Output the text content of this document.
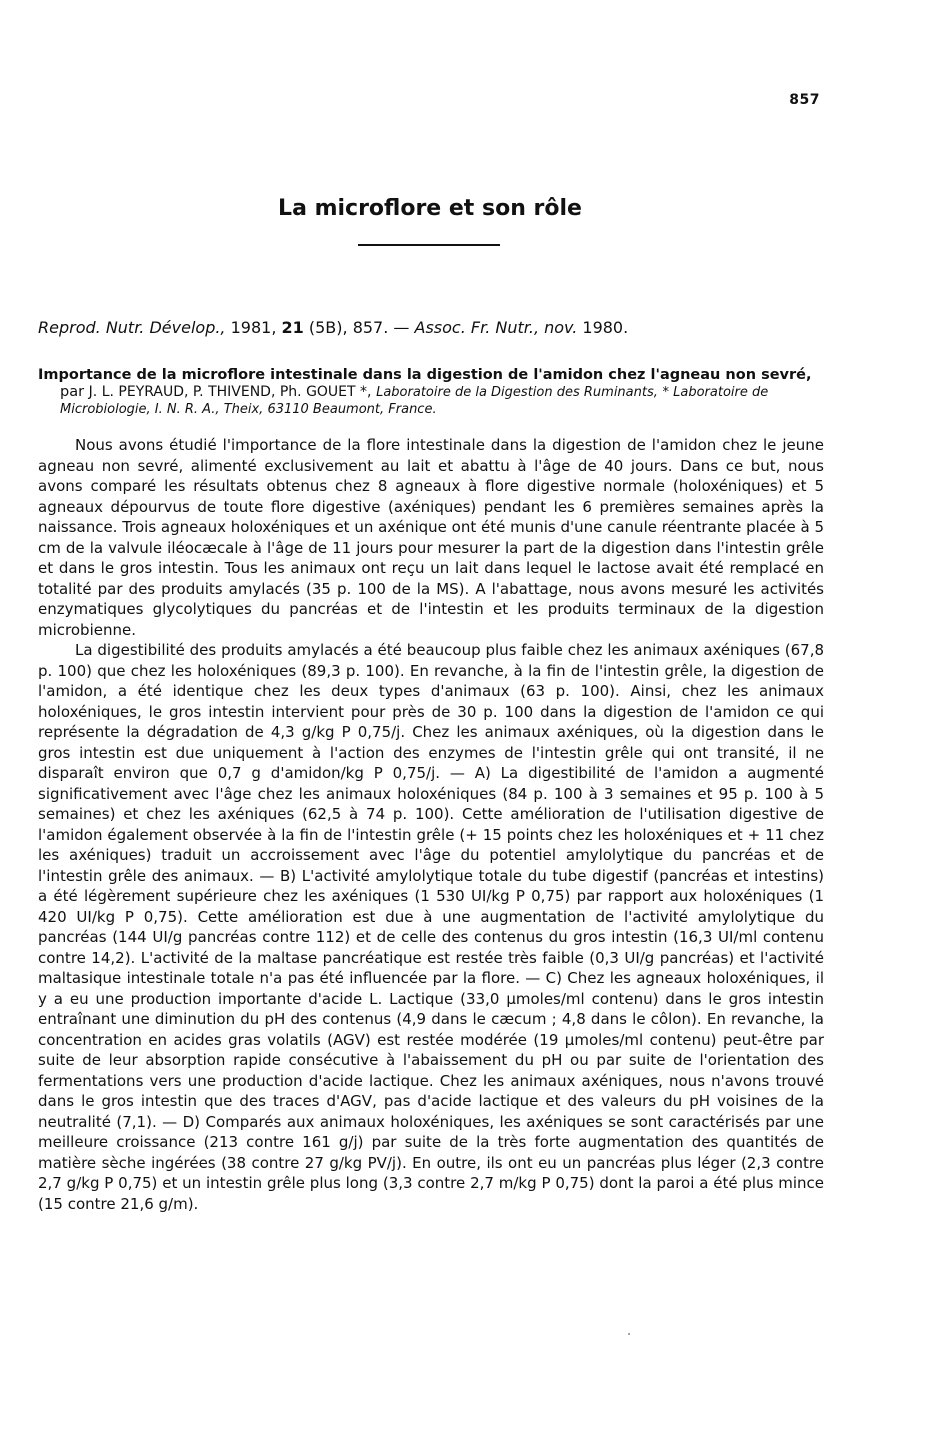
857
La microflore et son rôle
Reprod. Nutr. Dévelop., 1981, 21 (5B), 857. — Assoc. Fr. Nutr., nov. 1980.
Importance de la microflore intestinale dans la digestion de l'amidon chez l'agneau non sevré, par J. L. PEYRAUD, P. THIVEND, Ph. GOUET *, Laboratoire de la Digestion des Ruminants, * Laboratoire de Microbiologie, I. N. R. A., Theix, 63110 Beaumont, France.

Nous avons étudié l'importance de la flore intestinale dans la digestion de l'amidon chez le jeune agneau non sevré, alimenté exclusivement au lait et abattu à l'âge de 40 jours. Dans ce but, nous avons comparé les résultats obtenus chez 8 agneaux à flore digestive normale (holoxéniques) et 5 agneaux dépourvus de toute flore digestive (axéniques) pendant les 6 premières semaines après la naissance. Trois agneaux holoxéniques et un axénique ont été munis d'une canule réentrante placée à 5 cm de la valvule iléocæcale à l'âge de 11 jours pour mesurer la part de la digestion dans l'intestin grêle et dans le gros intestin. Tous les animaux ont reçu un lait dans lequel le lactose avait été remplacé en totalité par des produits amylacés (35 p. 100 de la MS). A l'abattage, nous avons mesuré les activités enzymatiques glycolytiques du pancréas et de l'intestin et les produits terminaux de la digestion microbienne.

La digestibilité des produits amylacés a été beaucoup plus faible chez les animaux axéniques (67,8 p. 100) que chez les holoxéniques (89,3 p. 100). En revanche, à la fin de l'intestin grêle, la digestion de l'amidon, a été identique chez les deux types d'animaux (63 p. 100). Ainsi, chez les animaux holoxéniques, le gros intestin intervient pour près de 30 p. 100 dans la digestion de l'amidon ce qui représente la dégradation de 4,3 g/kg P 0,75/j. Chez les animaux axéniques, où la digestion dans le gros intestin est due uniquement à l'action des enzymes de l'intestin grêle qui ont transité, il ne disparaît environ que 0,7 g d'amidon/kg P 0,75/j. — A) La digestibilité de l'amidon a augmenté significativement avec l'âge chez les animaux holoxéniques (84 p. 100 à 3 semaines et 95 p. 100 à 5 semaines) et chez les axéniques (62,5 à 74 p. 100). Cette amélioration de l'utilisation digestive de l'amidon également observée à la fin de l'intestin grêle (+ 15 points chez les holoxéniques et + 11 chez les axéniques) traduit un accroissement avec l'âge du potentiel amylolytique du pancréas et de l'intestin grêle des animaux. — B) L'activité amylolytique totale du tube digestif (pancréas et intestins) a été légèrement supérieure chez les axéniques (1 530 UI/kg P 0,75) par rapport aux holoxéniques (1 420 UI/kg P 0,75). Cette amélioration est due à une augmentation de l'activité amylolytique du pancréas (144 UI/g pancréas contre 112) et de celle des contenus du gros intestin (16,3 UI/ml contenu contre 14,2). L'activité de la maltase pancréatique est restée très faible (0,3 UI/g pancréas) et l'activité maltasique intestinale totale n'a pas été influencée par la flore. — C) Chez les agneaux holoxéniques, il y a eu une production importante d'acide L. Lactique (33,0 μmoles/ml contenu) dans le gros intestin entraînant une diminution du pH des contenus (4,9 dans le cæcum ; 4,8 dans le côlon). En revanche, la concentration en acides gras volatils (AGV) est restée modérée (19 μmoles/ml contenu) peut-être par suite de leur absorption rapide consécutive à l'abaissement du pH ou par suite de l'orientation des fermentations vers une production d'acide lactique. Chez les animaux axéniques, nous n'avons trouvé dans le gros intestin que des traces d'AGV, pas d'acide lactique et des valeurs du pH voisines de la neutralité (7,1). — D) Comparés aux animaux holoxéniques, les axéniques se sont caractérisés par une meilleure croissance (213 contre 161 g/j) par suite de la très forte augmentation des quantités de matière sèche ingérées (38 contre 27 g/kg PV/j). En outre, ils ont eu un pancréas plus léger (2,3 contre 2,7 g/kg P 0,75) et un intestin grêle plus long (3,3 contre 2,7 m/kg P 0,75) dont la paroi a été plus mince (15 contre 21,6 g/m).
